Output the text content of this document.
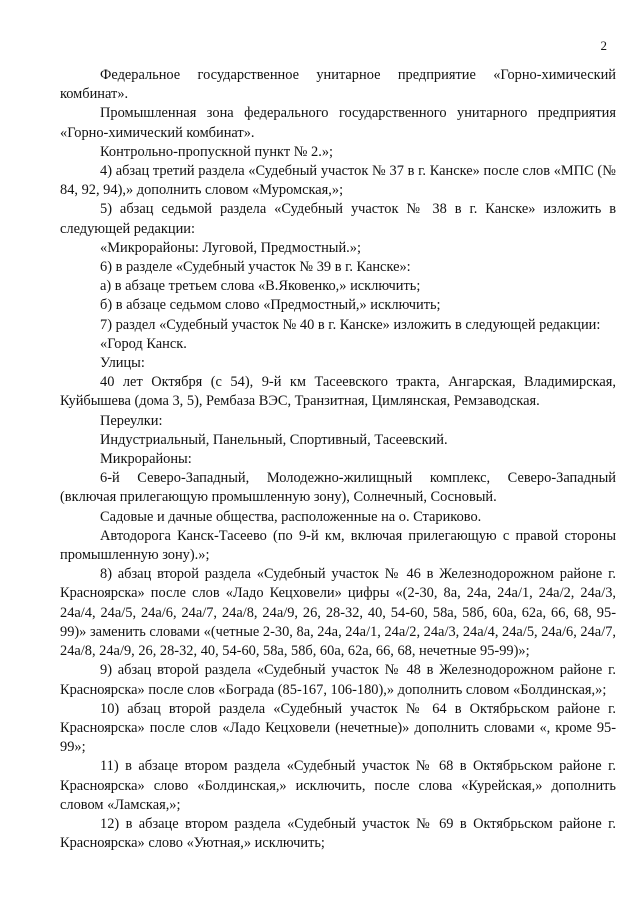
2

Федеральное государственное унитарное предприятие «Горно-химический комбинат».

Промышленная зона федерального государственного унитарного предприятия «Горно-химический комбинат».

Контрольно-пропускной пункт № 2.»;

4) абзац третий раздела «Судебный участок № 37 в г. Канске» после слов «МПС (№ 84, 92, 94),» дополнить словом «Муромская,»;

5) абзац седьмой раздела «Судебный участок № 38 в г. Канске» изложить в следующей редакции:

«Микрорайоны: Луговой, Предмостный.»;

6) в разделе «Судебный участок № 39 в г. Канске»:

а) в абзаце третьем слова «В.Яковенко,» исключить;

б) в абзаце седьмом слово «Предмостный,» исключить;

7) раздел «Судебный участок № 40 в г. Канске» изложить в следующей редакции:

«Город Канск.

Улицы:

40 лет Октября (с 54), 9-й км Тасеевского тракта, Ангарская, Владимирская, Куйбышева (дома 3, 5), Рембаза ВЭС, Транзитная, Цимлянская, Ремзаводская.

Переулки:

Индустриальный, Панельный, Спортивный, Тасеевский.

Микрорайоны:

6-й Северо-Западный, Молодежно-жилищный комплекс, Северо-Западный (включая прилегающую промышленную зону), Солнечный, Сосновый.

Садовые и дачные общества, расположенные на о. Стариково.

Автодорога Канск-Тасеево (по 9-й км, включая прилегающую с правой стороны промышленную зону).»;

8) абзац второй раздела «Судебный участок № 46 в Железнодорожном районе г. Красноярска» после слов «Ладо Кецховели» цифры «(2-30, 8а, 24а, 24а/1, 24а/2, 24а/3, 24а/4, 24а/5, 24а/6, 24а/7, 24а/8, 24а/9, 26, 28-32, 40, 54-60, 58а, 58б, 60а, 62а, 66, 68, 95-99)» заменить словами «(четные 2-30, 8а, 24а, 24а/1, 24а/2, 24а/3, 24а/4, 24а/5, 24а/6, 24а/7, 24а/8, 24а/9, 26, 28-32, 40, 54-60, 58а, 58б, 60а, 62а, 66, 68, нечетные 95-99)»;

9) абзац второй раздела «Судебный участок № 48 в Железнодорожном районе г. Красноярска» после слов «Бограда (85-167, 106-180),» дополнить словом «Болдинская,»;

10) абзац второй раздела «Судебный участок № 64 в Октябрьском районе г. Красноярска» после слов «Ладо Кецховели (нечетные)» дополнить словами «, кроме 95-99»;

11) в абзаце втором раздела «Судебный участок № 68 в Октябрьском районе г. Красноярска» слово «Болдинская,» исключить, после слова «Курейская,» дополнить словом «Ламская,»;

12) в абзаце втором раздела «Судебный участок № 69 в Октябрьском районе г. Красноярска» слово «Уютная,» исключить;
